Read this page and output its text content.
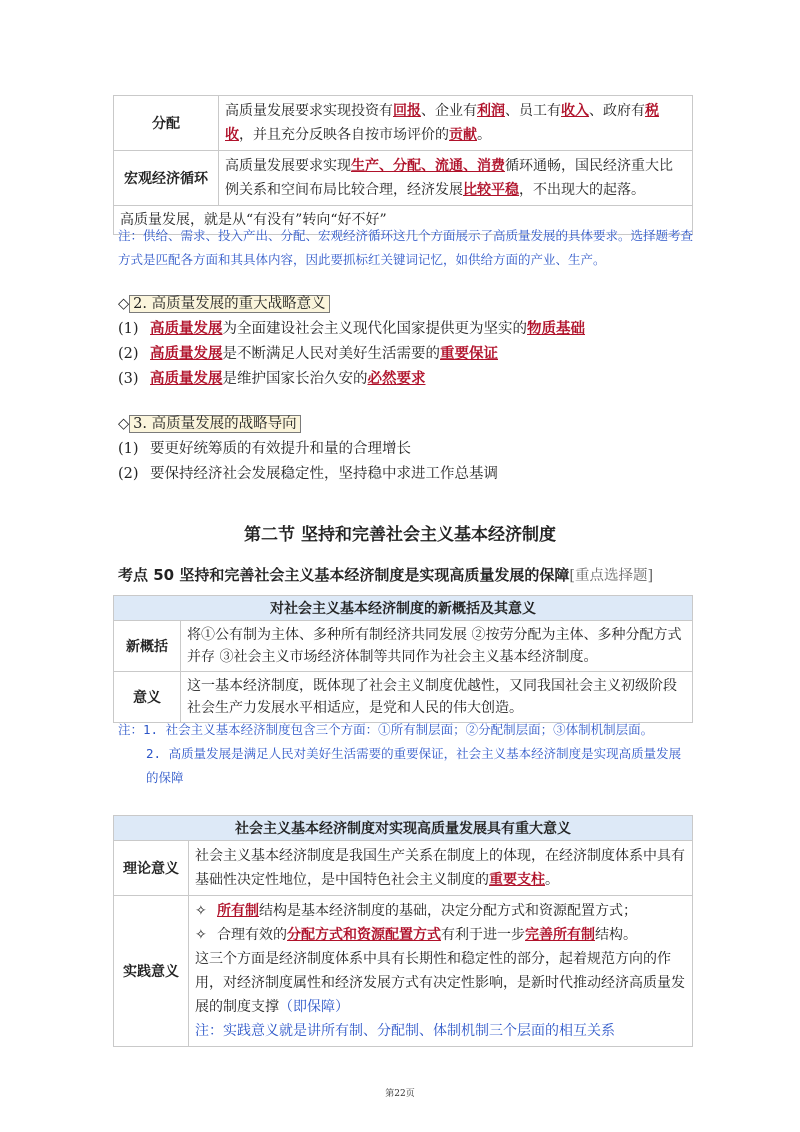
分配	高质量发展要求实现投资有回报、企业有利润、员工有收入、政府有税收，并且充分反映各自按市场评价的贡献。
宏观经济循环	高质量发展要求实现生产、分配、流通、消费循环通畅，国民经济重大比例关系和空间布局比较合理，经济发展比较平稳，不出现大的起落。
高质量发展，就是从“有没有”转向“好不好”	
注：供给、需求、投入产出、分配、宏观经济循环这几个方面展示了高质量发展的具体要求。选择题考查方式是匹配各方面和其具体内容，因此要抓标红关键词记忆，如供给方面的产业、生产。
◇ 2. 高质量发展的重大战略意义
(1) 高质量发展为全面建设社会主义现代化国家提供更为坚实的物质基础
(2) 高质量发展是不断满足人民对美好生活需要的重要保证
(3) 高质量发展是维护国家长治久安的必然要求
◇ 3. 高质量发展的战略导向
(1) 要更好统筹质的有效提升和量的合理增长
(2) 要保持经济社会发展稳定性，坚持稳中求进工作总基调
第二节 坚持和完善社会主义基本经济制度
考点 50 坚持和完善社会主义基本经济制度是实现高质量发展的保障[重点选择题]
对社会主义基本经济制度的新概括及其意义	
新概括	将①公有制为主体、多种所有制经济共同发展 ②按劳分配为主体、多种分配方式并存 ③社会主义市场经济体制等共同作为社会主义基本经济制度。
意义	这一基本经济制度，既体现了社会主义制度优越性，又同我国社会主义初级阶段社会生产力发展水平相适应，是党和人民的伟大创造。
注：1. 社会主义基本经济制度包含三个方面：①所有制层面；②分配制层面；③体制机制层面。
2. 高质量发展是满足人民对美好生活需要的重要保证，社会主义基本经济制度是实现高质量发展的保障
社会主义基本经济制度对实现高质量发展具有重大意义	
理论意义	社会主义基本经济制度是我国生产关系在制度上的体现，在经济制度体系中具有基础性决定性地位，是中国特色社会主义制度的重要支柱。
实践意义	✧ 所有制结构是基本经济制度的基础，决定分配方式和资源配置方式；
✧ 合理有效的分配方式和资源配置方式有利于进一步完善所有制结构。
这三个方面是经济制度体系中具有长期性和稳定性的部分，起着规范方向的作用，对经济制度属性和经济发展方式有决定性影响，是新时代推动经济高质量发展的制度支撑（即保障）
注：实践意义就是讲所有制、分配制、体制机制三个层面的相互关系
第22页
